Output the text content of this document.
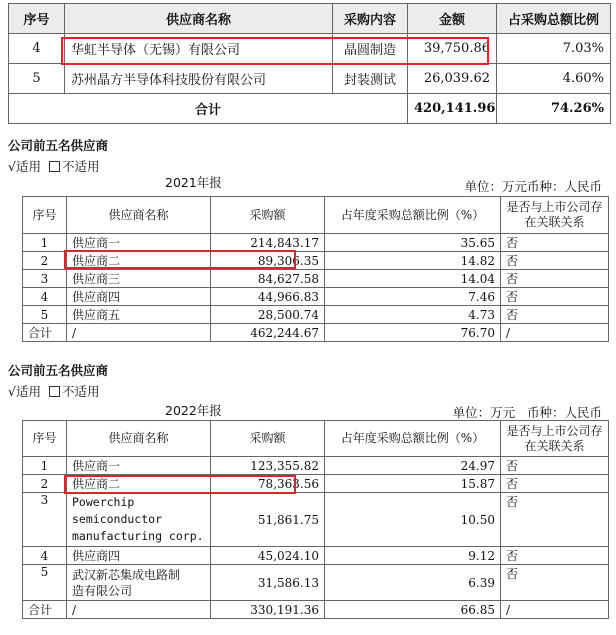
序号	供应商名称	采购内容	金额	占采购总额比例
4	华虹半导体（无锡）有限公司	晶圆制造	39,750.86	7.03%
5	苏州晶方半导体科技股份有限公司	封装测试	26,039.62	4.60%
合计			420,141.96	74.26%
公司前五名供应商
√适用 不适用
2021年报	单位：万元币种：人民币
序号	供应商名称	采购额	占年度采购总额比例（%）	是否与上市公司存在关联关系
1	供应商一	214,843.17	35.65	否
2	供应商二	89,306.35	14.82	否
3	供应商三	84,627.58	14.04	否
4	供应商四	44,966.83	7.46	否
5	供应商五	28,500.74	4.73	否
合计	/	462,244.67	76.70	/
公司前五名供应商
√适用 不适用
2022年报	单位：万元   币种：人民币
序号	供应商名称	采购额	占年度采购总额比例（%）	是否与上市公司存在关联关系
1	供应商一	123,355.82	24.97	否
2	供应商二	78,363.56	15.87	否
3	Powerchip
semiconductor
manufacturing corp.	51,861.75	10.50	否
4	供应商四	45,024.10	9.12	否
5	武汉新芯集成电路制
造有限公司	31,586.13	6.39	否
合计	/	330,191.36	66.85	/
